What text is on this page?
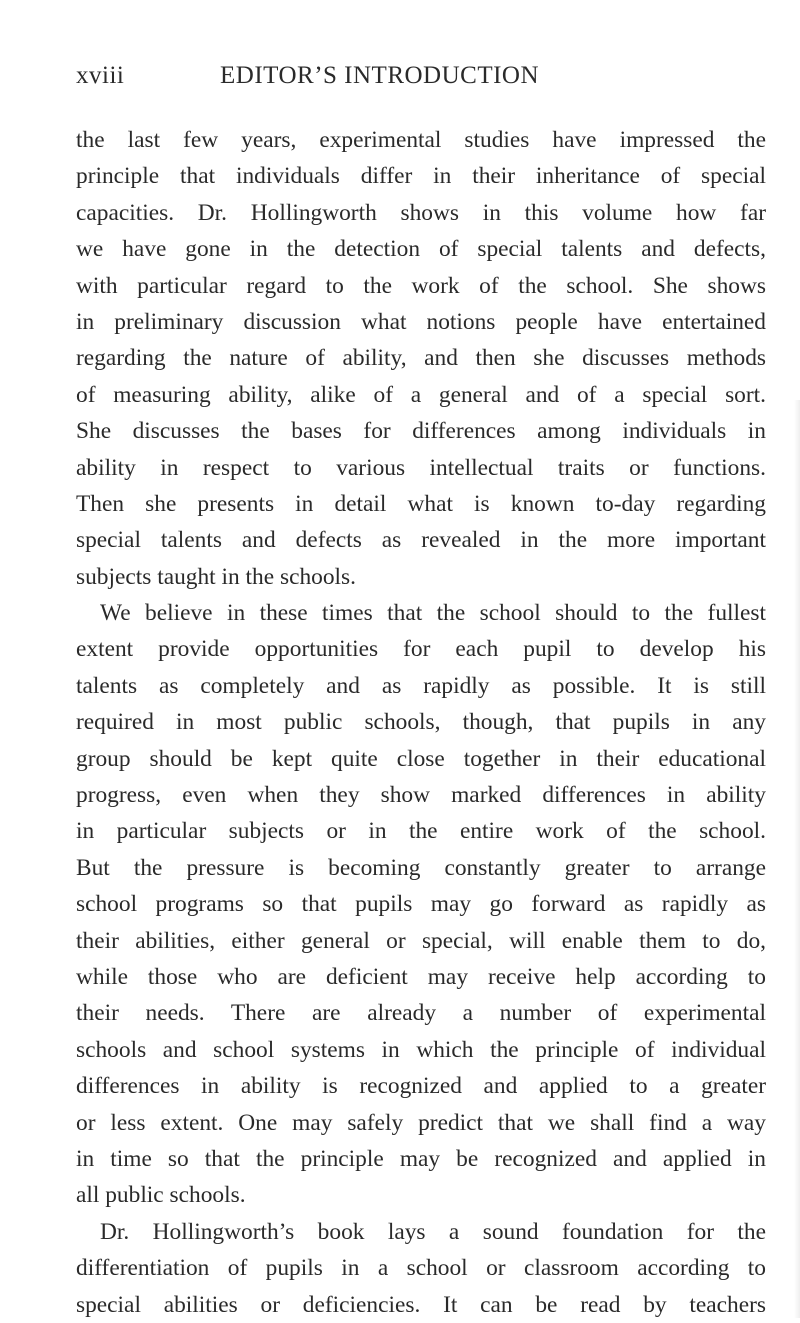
xviii	EDITOR’S INTRODUCTION
the last few years, experimental studies have impressed the
principle that individuals differ in their inheritance of special
capacities. Dr. Hollingworth shows in this volume how far
we have gone in the detection of special talents and defects,
with particular regard to the work of the school. She shows
in preliminary discussion what notions people have entertained
regarding the nature of ability, and then she discusses methods
of measuring ability, alike of a general and of a special sort.
She discusses the bases for differences among individuals in
ability in respect to various intellectual traits or functions.
Then she presents in detail what is known to-day regarding
special talents and defects as revealed in the more important
subjects taught in the schools.
We believe in these times that the school should to the fullest
extent provide opportunities for each pupil to develop his
talents as completely and as rapidly as possible. It is still
required in most public schools, though, that pupils in any
group should be kept quite close together in their educational
progress, even when they show marked differences in ability
in particular subjects or in the entire work of the school.
But the pressure is becoming constantly greater to arrange
school programs so that pupils may go forward as rapidly as
their abilities, either general or special, will enable them to do,
while those who are deficient may receive help according to
their needs. There are already a number of experimental
schools and school systems in which the principle of individual
differences in ability is recognized and applied to a greater
or less extent. One may safely predict that we shall find a way
in time so that the principle may be recognized and applied in
all public schools.
Dr. Hollingworth’s book lays a sound foundation for the
differentiation of pupils in a school or classroom according to
special abilities or deficiencies. It can be read by teachers
